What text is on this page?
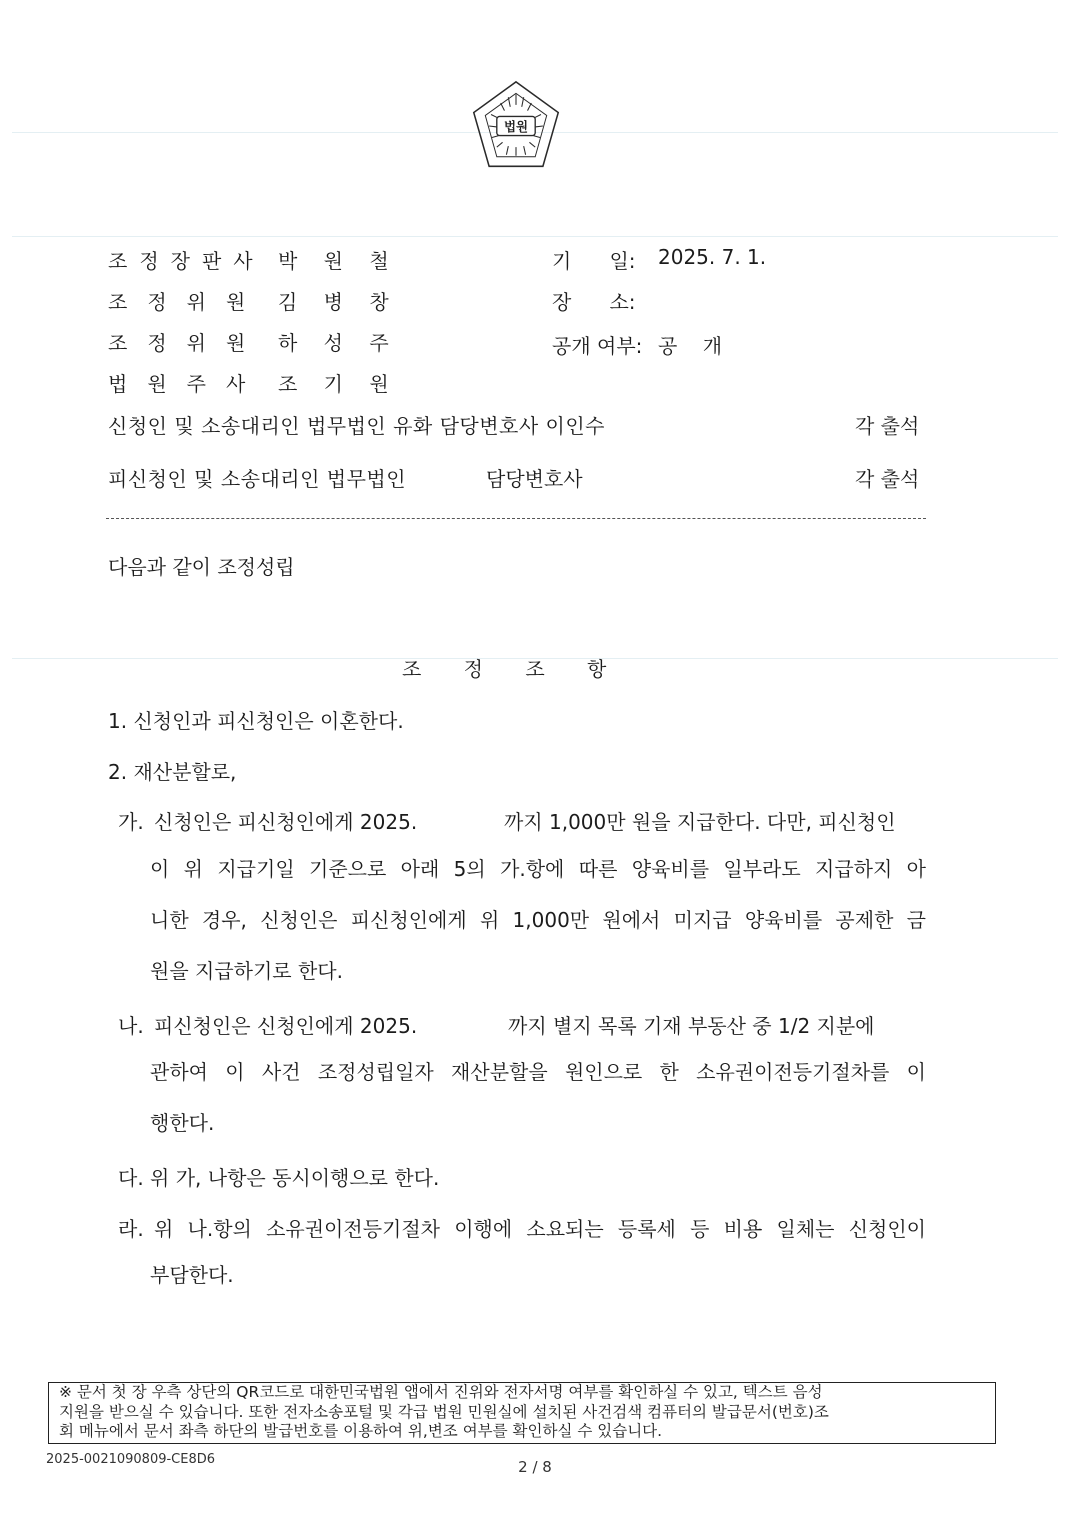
법원
조정장판사 박 원 철
조정위원 김 병 창
조정위원 하 성 주
법원주사 조 기 원
기      일: 2025. 7. 1.
장      소:
공개 여부: 공    개
신청인 및 소송대리인 법무법인 유화 담당변호사 이인수	각 출석
피신청인 및 소송대리인 법무법인	담당변호사	각 출석
다음과 같이 조정성립
조 정 조 항
1. 신청인과 피신청인은 이혼한다.
2. 재산분할로,
가. 신청인은 피신청인에게 2025.	까지 1,000만 원을 지급한다. 다만, 피신청인
이 위 지급기일 기준으로 아래 5의 가.항에 따른 양육비를 일부라도 지급하지 아
니한 경우, 신청인은 피신청인에게 위 1,000만 원에서 미지급 양육비를 공제한 금
원을 지급하기로 한다.
나. 피신청인은 신청인에게 2025.	까지 별지 목록 기재 부동산 중 1/2 지분에
관하여 이 사건 조정성립일자 재산분할을 원인으로 한 소유권이전등기절차를 이
행한다.
다. 위 가, 나항은 동시이행으로 한다.
라. 위 나.항의 소유권이전등기절차 이행에 소요되는 등록세 등 비용 일체는 신청인이
부담한다.
※ 문서 첫 장 우측 상단의 QR코드로 대한민국법원 앱에서 진위와 전자서명 여부를 확인하실 수 있고, 텍스트 음성
지원을 받으실 수 있습니다. 또한 전자소송포털 및 각급 법원 민원실에 설치된 사건검색 컴퓨터의 발급문서(번호)조
회 메뉴에서 문서 좌측 하단의 발급번호를 이용하여 위,변조 여부를 확인하실 수 있습니다.
2025-0021090809-CE8D6	2 / 8
